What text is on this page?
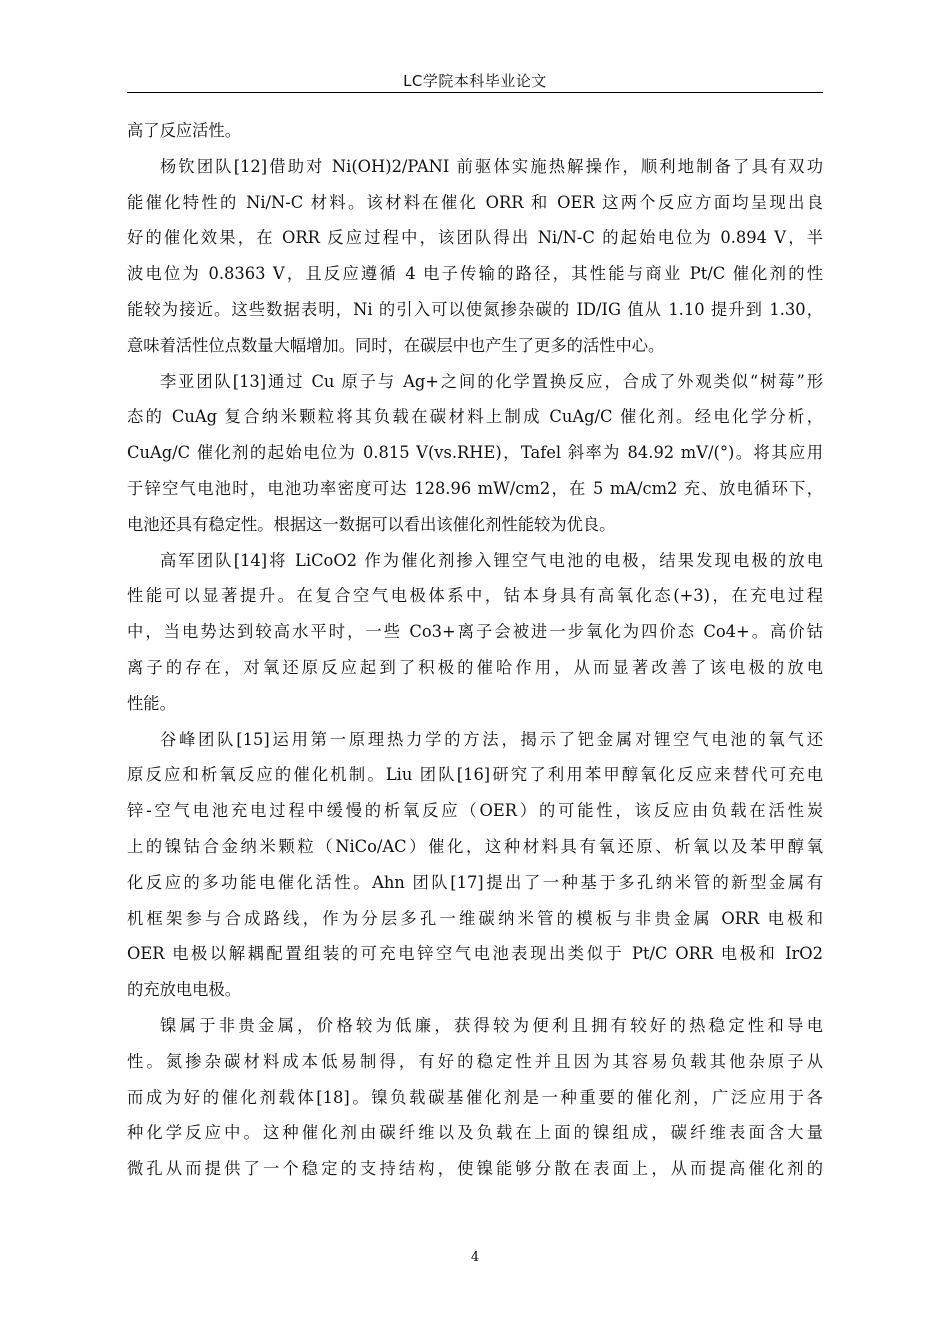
LC学院本科毕业论文
高了反应活性。
杨钦团队[12]借助对 Ni(OH)2/PANI 前驱体实施热解操作，顺利地制备了具有双功
能催化特性的 Ni/N-C 材料。该材料在催化 ORR 和 OER 这两个反应方面均呈现出良
好的催化效果，在 ORR 反应过程中，该团队得出 Ni/N-C 的起始电位为 0.894 V，半
波电位为 0.8363 V，且反应遵循 4 电子传输的路径，其性能与商业 Pt/C 催化剂的性
能较为接近。这些数据表明，Ni 的引入可以使氮掺杂碳的 ID/IG 值从 1.10 提升到 1.30，
意味着活性位点数量大幅增加。同时，在碳层中也产生了更多的活性中心。
李亚团队[13]通过 Cu 原子与 Ag+之间的化学置换反应，合成了外观类似“树莓”形
态的 CuAg 复合纳米颗粒将其负载在碳材料上制成 CuAg/C 催化剂。经电化学分析，
CuAg/C 催化剂的起始电位为 0.815 V(vs.RHE)，Tafel 斜率为 84.92 mV/(°)。将其应用
于锌空气电池时，电池功率密度可达 128.96 mW/cm2，在 5 mA/cm2 充、放电循环下，
电池还具有稳定性。根据这一数据可以看出该催化剂性能较为优良。
高军团队[14]将 LiCoO2 作为催化剂掺入锂空气电池的电极，结果发现电极的放电
性能可以显著提升。在复合空气电极体系中，钴本身具有高氧化态(+3)，在充电过程
中，当电势达到较高水平时，一些 Co3+离子会被进一步氧化为四价态 Co4+。高价钴
离子的存在，对氧还原反应起到了积极的催哈作用，从而显著改善了该电极的放电
性能。
谷峰团队[15]运用第一原理热力学的方法，揭示了钯金属对锂空气电池的氧气还
原反应和析氧反应的催化机制。Liu 团队[16]研究了利用苯甲醇氧化反应来替代可充电
锌-空气电池充电过程中缓慢的析氧反应（OER）的可能性，该反应由负载在活性炭
上的镍钴合金纳米颗粒（NiCo/AC）催化，这种材料具有氧还原、析氧以及苯甲醇氧
化反应的多功能电催化活性。Ahn 团队[17]提出了一种基于多孔纳米管的新型金属有
机框架参与合成路线，作为分层多孔一维碳纳米管的模板与非贵金属 ORR 电极和
OER 电极以解耦配置组装的可充电锌空气电池表现出类似于 Pt/C ORR 电极和 IrO2
的充放电电极。
镍属于非贵金属，价格较为低廉，获得较为便利且拥有较好的热稳定性和导电
性。氮掺杂碳材料成本低易制得，有好的稳定性并且因为其容易负载其他杂原子从
而成为好的催化剂载体[18]。镍负载碳基催化剂是一种重要的催化剂，广泛应用于各
种化学反应中。这种催化剂由碳纤维以及负载在上面的镍组成，碳纤维表面含大量
微孔从而提供了一个稳定的支持结构，使镍能够分散在表面上，从而提高催化剂的
4
